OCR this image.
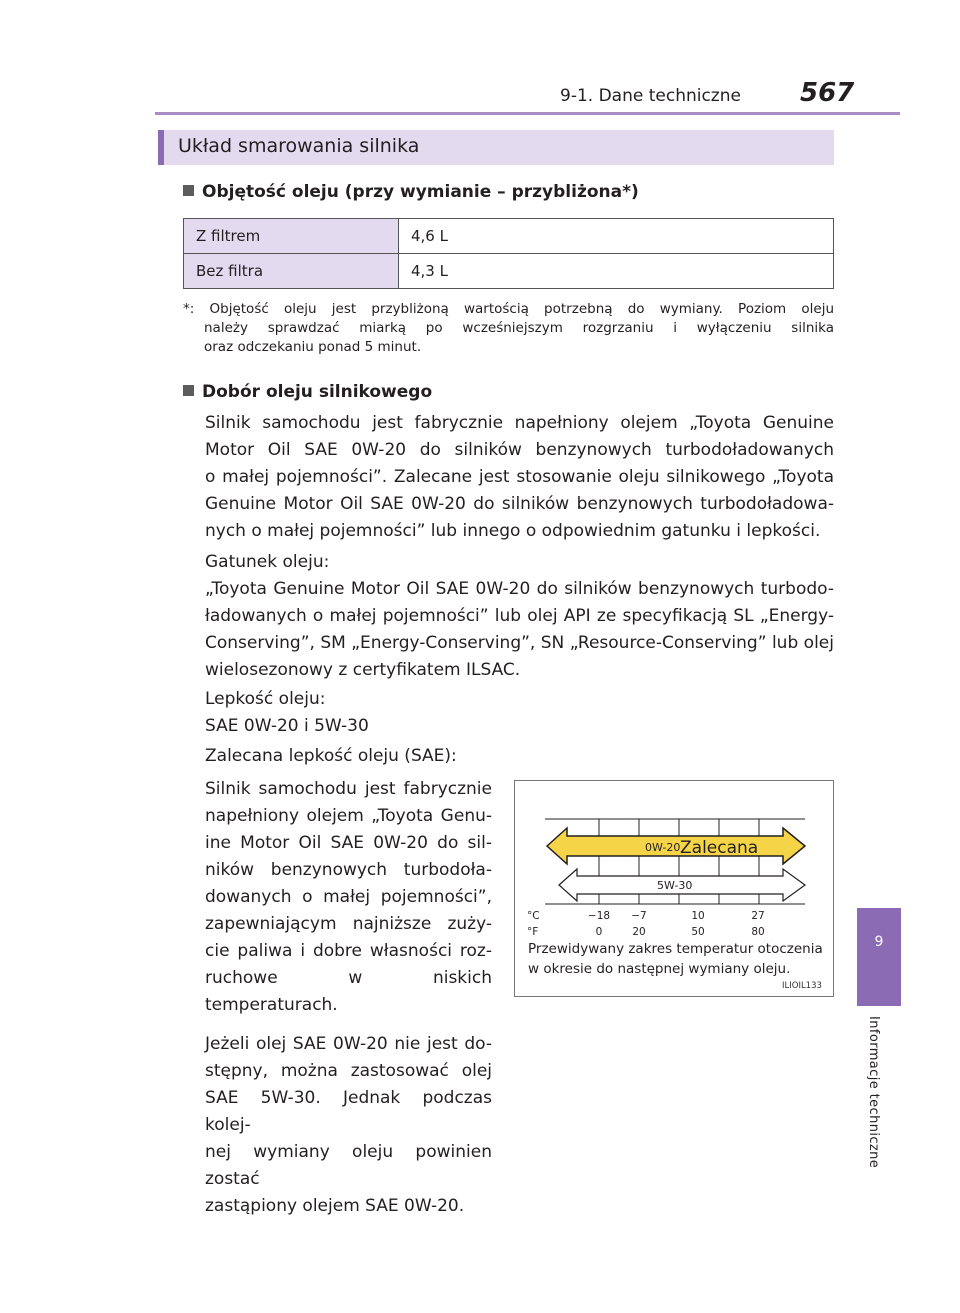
9-1. Dane techniczne 567
9
Informacje techniczne
Układ smarowania silnika
Objętość oleju (przy wymianie – przybliżona*)
Z filtrem	4,6 L
Bez filtra	4,3 L
*: Objętość oleju jest przybliżoną wartością potrzebną do wymiany. Poziom oleju
należy sprawdzać miarką po wcześniejszym rozgrzaniu i wyłączeniu silnika
oraz odczekaniu ponad 5 minut.
Dobór oleju silnikowego
Silnik samochodu jest fabrycznie napełniony olejem „Toyota Genuine
Motor Oil SAE 0W-20 do silników benzynowych turbodoładowanych
o małej pojemności”. Zalecane jest stosowanie oleju silnikowego „Toyota
Genuine Motor Oil SAE 0W-20 do silników benzynowych turbodoładowa-
nych o małej pojemności” lub innego o odpowiednim gatunku i lepkości.
Gatunek oleju:
„Toyota Genuine Motor Oil SAE 0W-20 do silników benzynowych turbodo-
ładowanych o małej pojemności” lub olej API ze specyfikacją SL „Energy-
Conserving”, SM „Energy-Conserving”, SN „Resource-Conserving” lub olej
wielosezonowy z certyfikatem ILSAC.
Lepkość oleju:
SAE 0W-20 i 5W-30
Zalecana lepkość oleju (SAE):

Silnik samochodu jest fabrycznie
napełniony olejem „Toyota Genu-
ine Motor Oil SAE 0W-20 do sil-
ników benzynowych turbodoła-
dowanych o małej pojemności”,
zapewniającym najniższe zuży-
cie paliwa i dobre własności roz-
ruchowe w niskich temperaturach.

Jeżeli olej SAE 0W-20 nie jest do-
stępny, można zastosować olej
SAE 5W-30. Jednak podczas kolej-
nej wymiany oleju powinien zostać
zastąpiony olejem SAE 0W-20.

0W-20 Zalecana
5W-30
°C
°F
−18 −7	10	27
0	20	50	80
Przewidywany zakres temperatur otoczenia
w okresie do następnej wymiany oleju.
ILIOIL133
